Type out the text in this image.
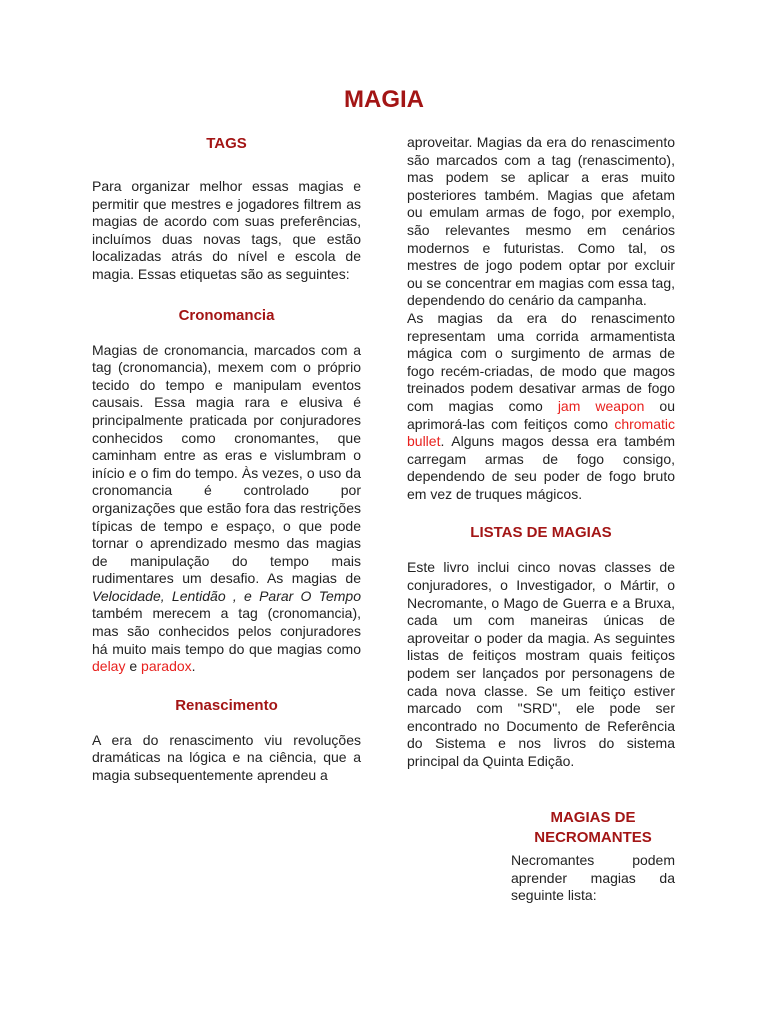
MAGIA
TAGS

Para organizar melhor essas magias e permitir que mestres e jogadores filtrem as magias de acordo com suas preferências, incluímos duas novas tags, que estão localizadas atrás do nível e escola de magia. Essas etiquetas são as seguintes:

Cronomancia

Magias de cronomancia, marcados com a tag (cronomancia), mexem com o próprio tecido do tempo e manipulam eventos causais. Essa magia rara e elusiva é principalmente praticada por conjuradores conhecidos como cronomantes, que caminham entre as eras e vislumbram o início e o fim do tempo. Às vezes, o uso da cronomancia é controlado por organizações que estão fora das restrições típicas de tempo e espaço, o que pode tornar o aprendizado mesmo das magias de manipulação do tempo mais rudimentares um desafio. As magias de Velocidade, Lentidão , e Parar O Tempo também merecem a tag (cronomancia), mas são conhecidos pelos conjuradores há muito mais tempo do que magias como delay e paradox.

Renascimento

A era do renascimento viu revoluções dramáticas na lógica e na ciência, que a magia subsequentemente aprendeu a

aproveitar. Magias da era do renascimento são marcados com a tag (renascimento), mas podem se aplicar a eras muito posteriores também. Magias que afetam ou emulam armas de fogo, por exemplo, são relevantes mesmo em cenários modernos e futuristas. Como tal, os mestres de jogo podem optar por excluir ou se concentrar em magias com essa tag, dependendo do cenário da campanha.

As magias da era do renascimento representam uma corrida armamentista mágica com o surgimento de armas de fogo recém-criadas, de modo que magos treinados podem desativar armas de fogo com magias como jam weapon ou aprimorá-las com feitiços como chromatic bullet. Alguns magos dessa era também carregam armas de fogo consigo, dependendo de seu poder de fogo bruto em vez de truques mágicos.

LISTAS DE MAGIAS

Este livro inclui cinco novas classes de conjuradores, o Investigador, o Mártir, o Necromante, o Mago de Guerra e a Bruxa, cada um com maneiras únicas de aproveitar o poder da magia. As seguintes listas de feitiços mostram quais feitiços podem ser lançados por personagens de cada nova classe. Se um feitiço estiver marcado com "SRD", ele pode ser encontrado no Documento de Referência do Sistema e nos livros do sistema principal da Quinta Edição.

MAGIAS DE NECROMANTES

Necromantes podem aprender magias da seguinte lista:
